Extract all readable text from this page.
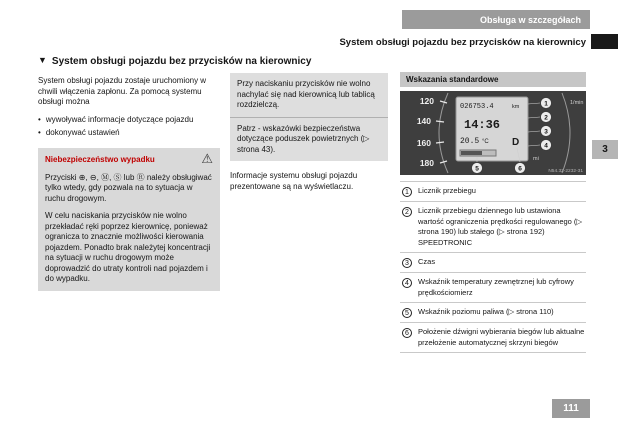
Obsługa w szczegółach
System obsługi pojazdu bez przycisków na kierownicy
▼ System obsługi pojazdu bez przycisków na kierownicy

System obsługi pojazdu zostaje uruchomiony w chwili włączenia zapłonu. Za pomocą systemu obsługi można

• wywoływać informacje dotyczące pojazdu
• dokonywać ustawień
⚠

Niebezpieczeństwo wypadku

Przyciski ⊕, ⊖, Ⓜ, Ⓢ lub Ⓡ należy obsługiwać tylko wtedy, gdy pozwala na to sytuacja w ruchu drogowym.

W celu naciskania przycisków nie wolno przekładać ręki poprzez kierownicę, ponieważ ogranicza to znacznie możliwości kierowania pojazdem. Ponadto brak należytej koncentracji na sytuacji w ruchu drogowym może doprowadzić do utraty kontroli nad pojazdem i do wypadku.

Przy naciskaniu przycisków nie wolno nachylać się nad kierownicą lub tablicą rozdzielczą.

Patrz - wskazówki bezpieczeństwa dotyczące poduszek powietrznych (▷ strona 43).

Informacje systemu obsługi pojazdu prezentowane są na wyświetlaczu.

Wskazania standardowe
120
140
160
180
026753.4	km
14:36
20.5 °C D
1/min
mi
1
2
3
4
5	6	N54.32-2232-31
1	Licznik przebiegu
2	Licznik przebiegu dziennego lub ustawiona wartość ograniczenia prędkości regulowanego (▷ strona 190) lub stałego (▷ strona 192) SPEEDTRONIC
3	Czas
4	Wskaźnik temperatury zewnętrznej lub cyfrowy prędkościomierz
5	Wskaźnik poziomu paliwa (▷ strona 110)
6	Położenie dźwigni wybierania biegów lub aktualne przełożenie automatycznej skrzyni biegów
3
111
